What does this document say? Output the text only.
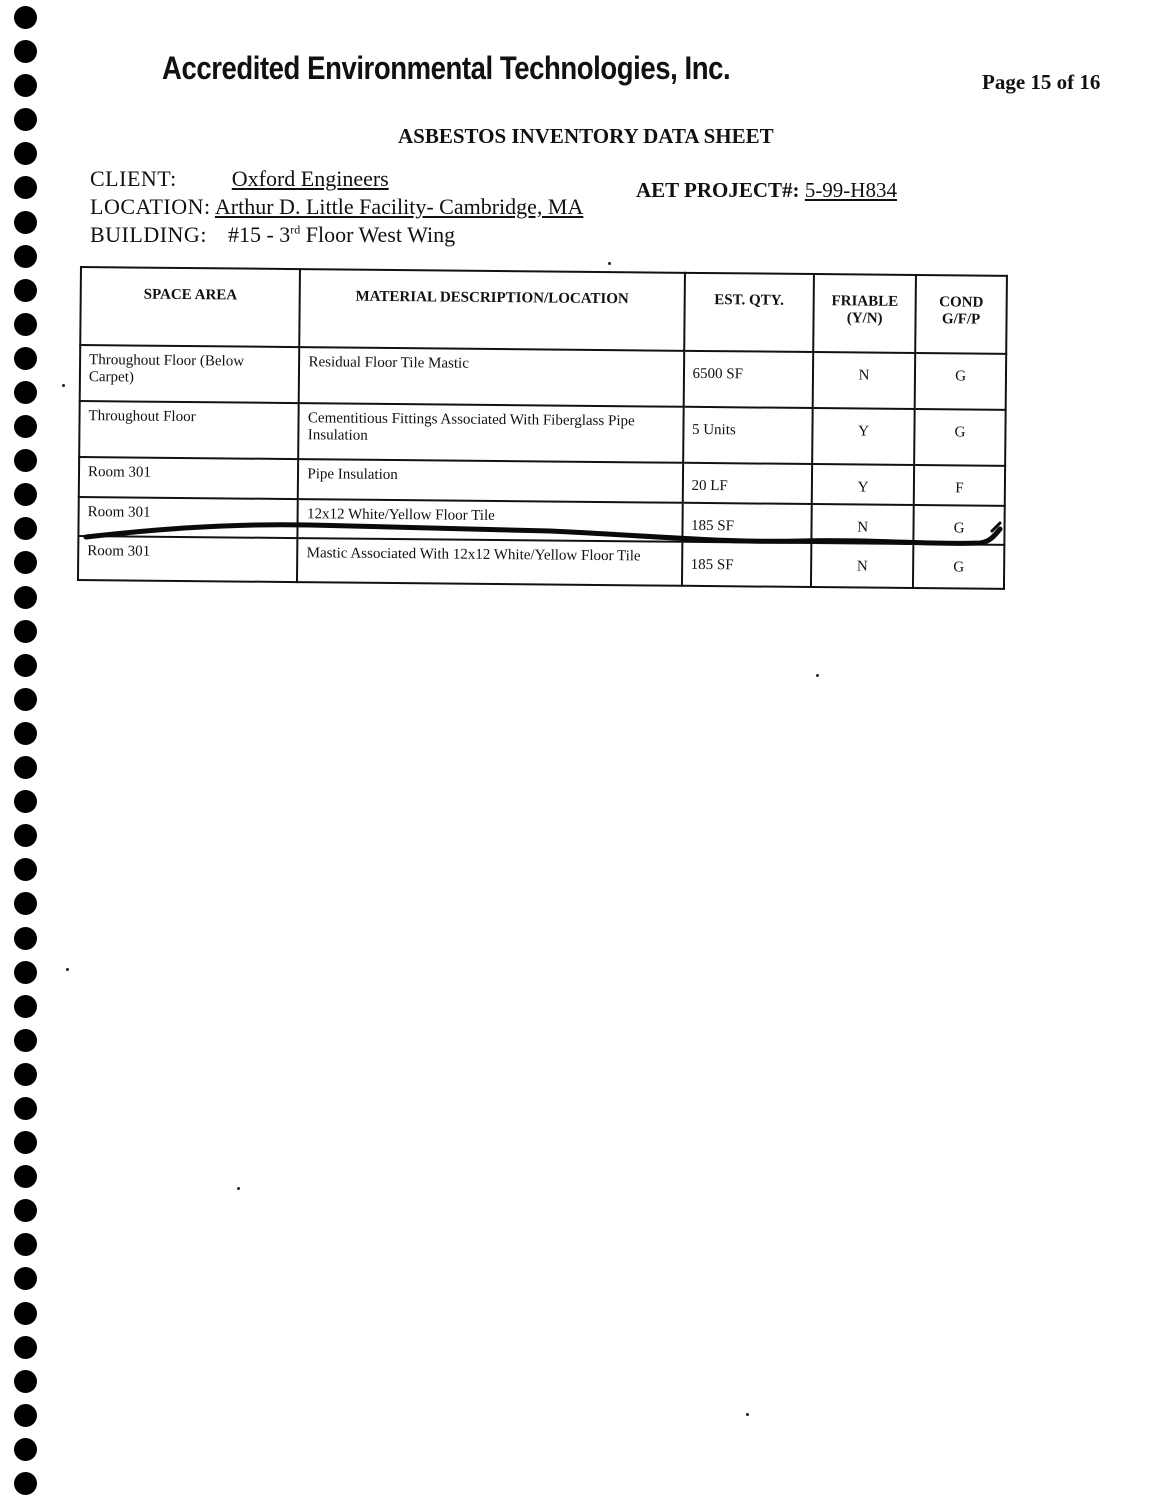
Accredited Environmental Technologies, Inc.	Page 15 of 16
ASBESTOS INVENTORY DATA SHEET
CLIENT:	Oxford Engineers	AET PROJECT#: 5-99-H834
LOCATION: Arthur D. Little Facility- Cambridge, MA
BUILDING: #15 - 3rd Floor West Wing
SPACE AREA	MATERIAL DESCRIPTION/LOCATION	EST. QTY.	FRIABLE (Y/N)	COND G/F/P
Throughout Floor (Below Carpet)	Residual Floor Tile Mastic	6500 SF	N	G
Throughout Floor	Cementitious Fittings Associated With Fiberglass Pipe Insulation	5 Units	Y	G
Room 301	Pipe Insulation	20 LF	Y	F
Room 301	12x12 White/Yellow Floor Tile	185 SF	N	G
Room 301	Mastic Associated With 12x12 White/Yellow Floor Tile	185 SF	N	G
